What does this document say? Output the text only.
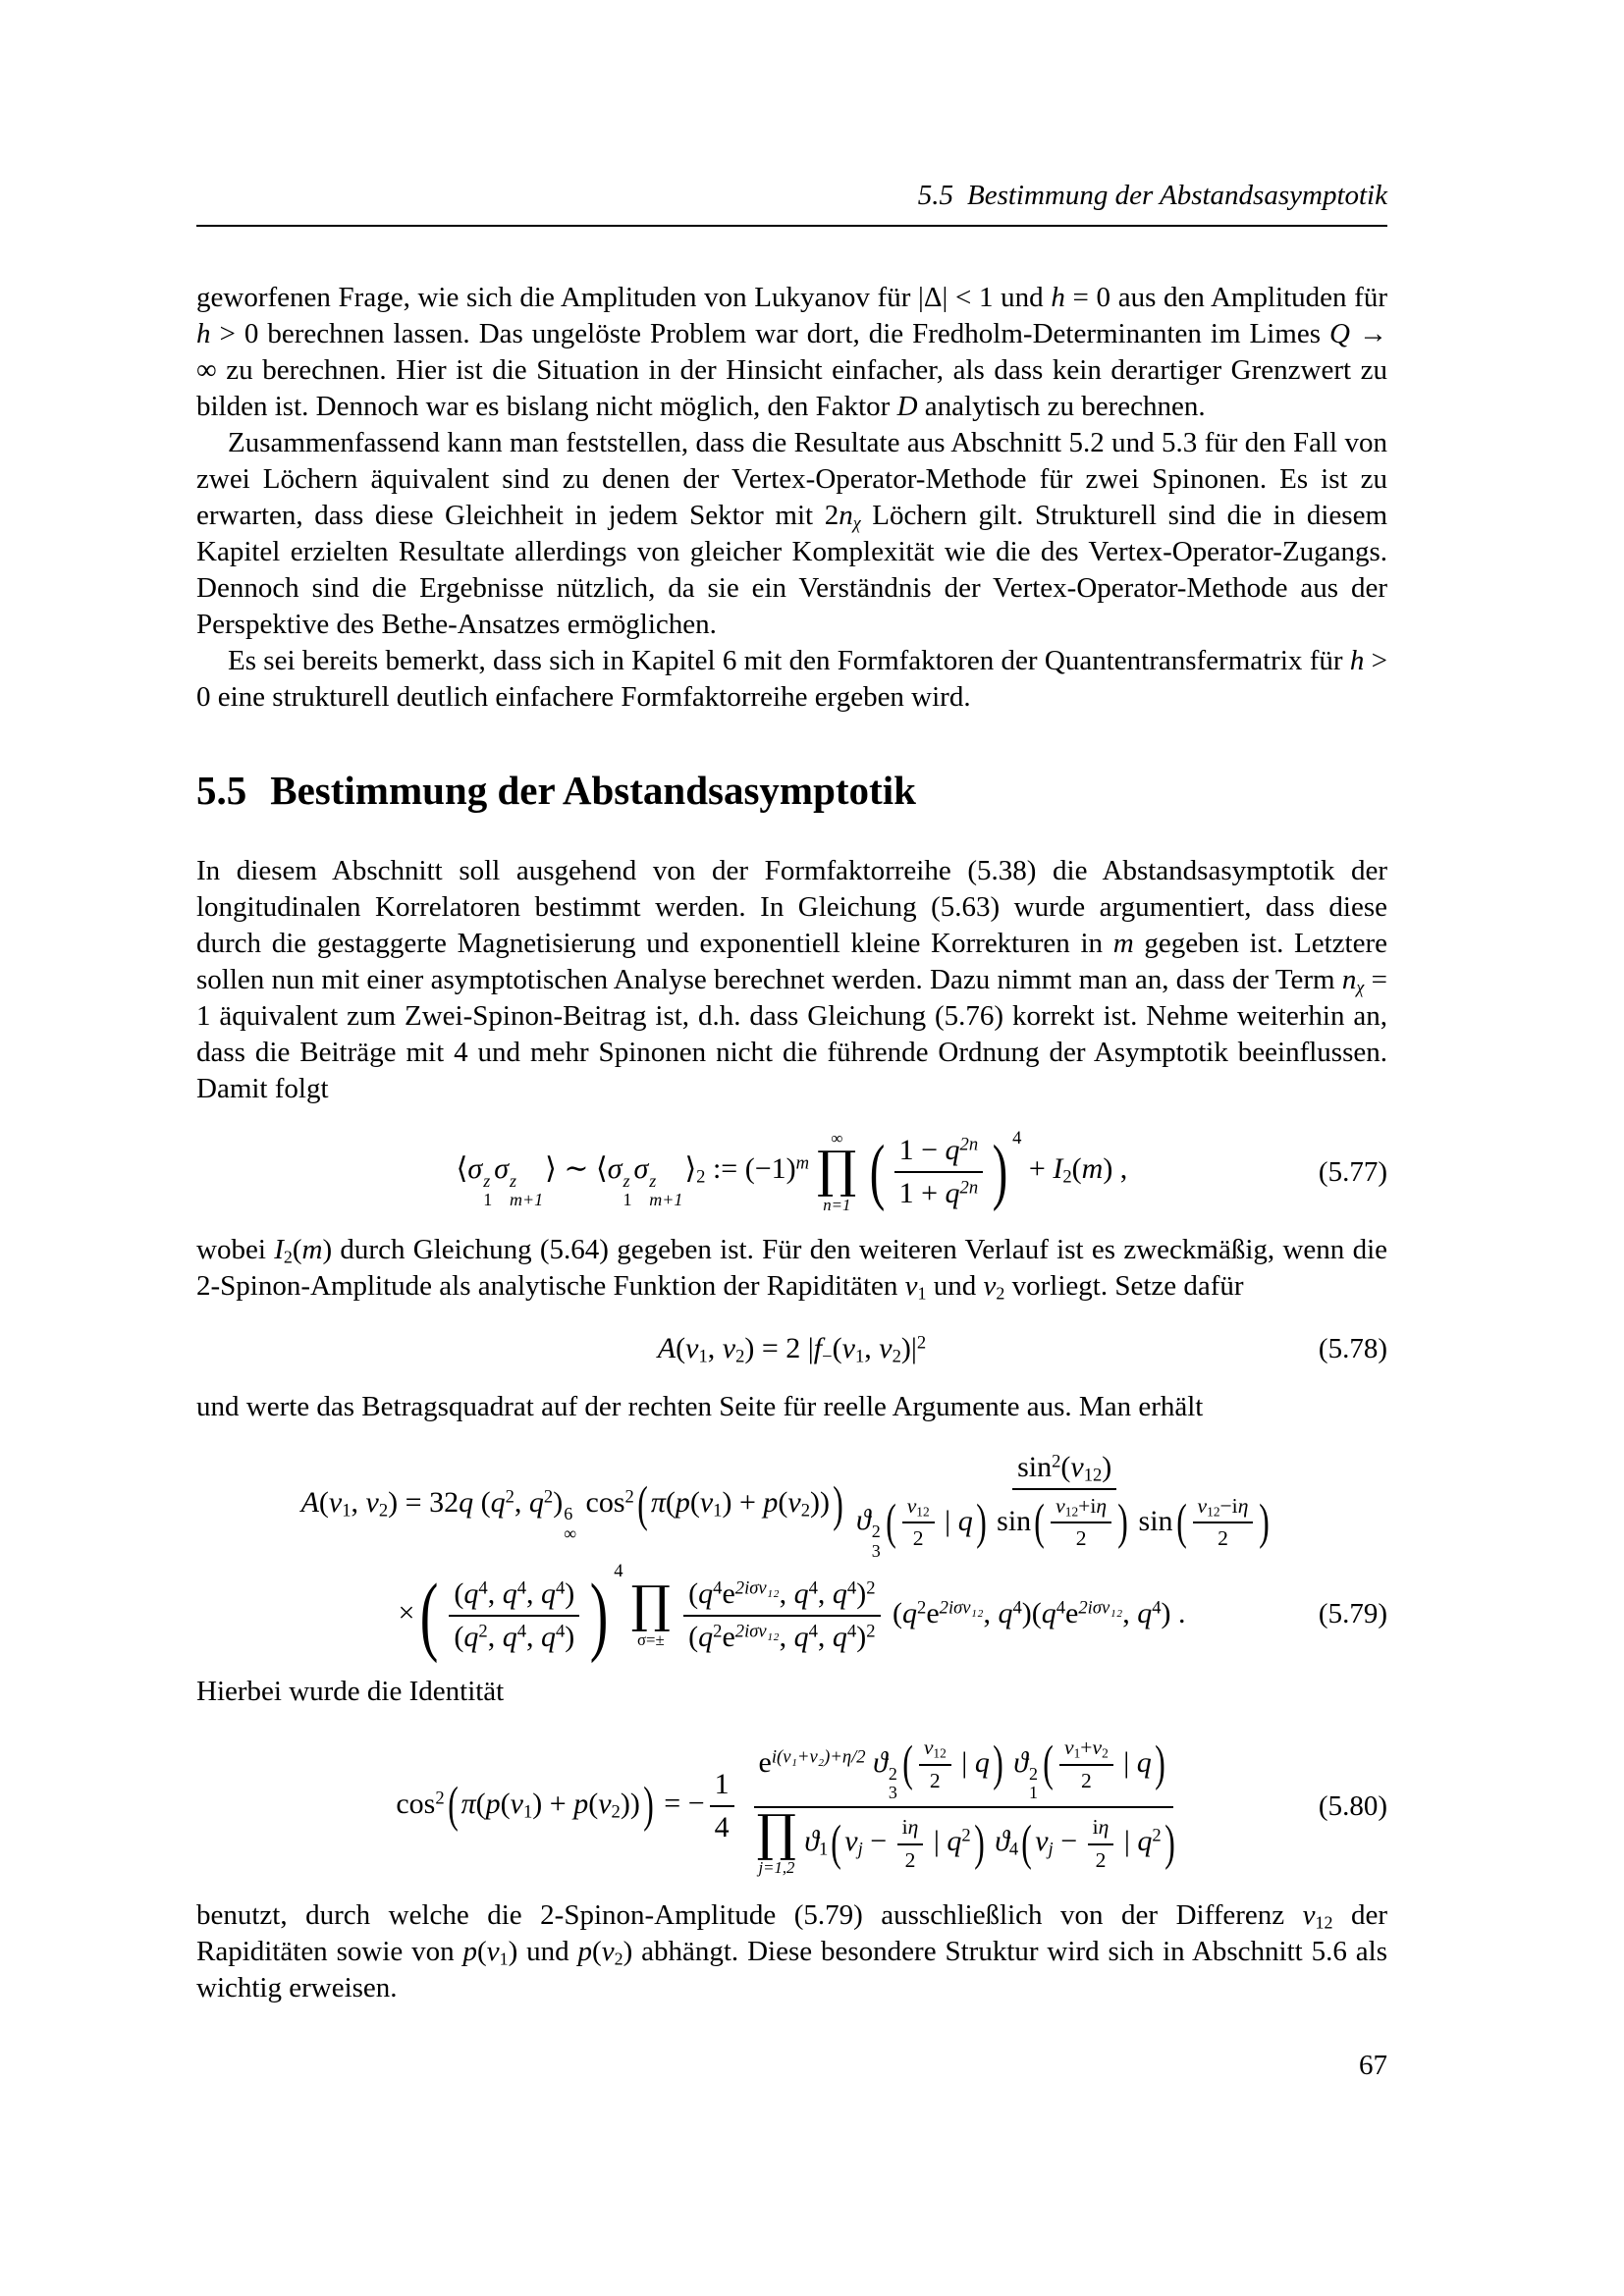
5.5 Bestimmung der Abstandsasymptotik

geworfenen Frage, wie sich die Amplituden von Lukyanov für |Δ| < 1 und h = 0 aus den Amplituden für h > 0 berechnen lassen. Das ungelöste Problem war dort, die Fredholm-Determinanten im Limes Q → ∞ zu berechnen. Hier ist die Situation in der Hinsicht einfacher, als dass kein derartiger Grenzwert zu bilden ist. Dennoch war es bislang nicht möglich, den Faktor D analytisch zu berechnen.

Zusammenfassend kann man feststellen, dass die Resultate aus Abschnitt 5.2 und 5.3 für den Fall von zwei Löchern äquivalent sind zu denen der Vertex-Operator-Methode für zwei Spinonen. Es ist zu erwarten, dass diese Gleichheit in jedem Sektor mit 2nχ Löchern gilt. Strukturell sind die in diesem Kapitel erzielten Resultate allerdings von gleicher Komplexität wie die des Vertex-Operator-Zugangs. Dennoch sind die Ergebnisse nützlich, da sie ein Verständnis der Vertex-Operator-Methode aus der Perspektive des Bethe-Ansatzes ermöglichen.

Es sei bereits bemerkt, dass sich in Kapitel 6 mit den Formfaktoren der Quantentransfermatrix für h > 0 eine strukturell deutlich einfachere Formfaktorreihe ergeben wird.

5.5 Bestimmung der Abstandsasymptotik

In diesem Abschnitt soll ausgehend von der Formfaktorreihe (5.38) die Abstandsasymptotik der longitudinalen Korrelatoren bestimmt werden. In Gleichung (5.63) wurde argumentiert, dass diese durch die gestaggerte Magnetisierung und exponentiell kleine Korrekturen in m gegeben ist. Letztere sollen nun mit einer asymptotischen Analyse berechnet werden. Dazu nimmt man an, dass der Term nχ = 1 äquivalent zum Zwei-Spinon-Beitrag ist, d.h. dass Gleichung (5.76) korrekt ist. Nehme weiterhin an, dass die Beiträge mit 4 und mehr Spinonen nicht die führende Ordnung der Asymptotik beeinflussen. Damit folgt

⟨σ z
1
σ z
m+1
⟩ ∼ ⟨σ z
1
σ z
m+1
⟩2 := $(-1)^m$
∞
∏
n=1 ( $\frac{1 - q^{2n}}{1 + q^{2n}}$ ) $^4$ + I2(m) ,	(5.77)

wobei I2(m) durch Gleichung (5.64) gegeben ist. Für den weiteren Verlauf ist es zweckmäßig, wenn die 2-Spinon-Amplitude als analytische Funktion der Rapiditäten ν1 und ν2 vorliegt. Setze dafür

A(ν1, ν2) = 2 |f−(ν1, $\nu 2)|^2$	(5.78)

und werte das Betragsquadrat auf der rechten Seite für reelle Argumente aus. Man erhält

A(ν1, ν2) = 32q ($q^2$, $q^2$) 6
∞
$\cos^2$( π(p(ν1) + p(ν2))) $\sin^2(\nu 12)$
ϑ 2
3
( $\frac{\nu 12}{2}$ | q) $\sin( \frac{\nu 12+i\eta}{2}$ ) $\sin( \frac{\nu 12-i\eta}{2}$ )
×( $\frac{(q^4, q^4, q^4)}{(q^2, q^4, q^4)}$ ) $^4$
∏
$\sigma=\pm \frac{(q^4e^{2i\sigma\nu_{12}}, q^4, q^4)^2}{(q^2e^{2i\sigma\nu_{12}}, q^4, q^4)^2} (q^2e^{2i\sigma\nu_{12}}$, $q^4)(q^4e^{2i\sigma\nu_{12}}$, $q^4$) .	(5.79)

Hierbei wurde die Identität

$\cos^2$( π(p(ν1) + p(ν2))) = − $\frac{1}{4} e^{i(\nu_1+\nu_2)+\eta/2}$ ϑ 2
3
( $\frac{\nu 12}{2}$ | q) ϑ 2
1
( $\frac{\nu 1+\nu 2}{2}$ | q)
∏
j=1,2
ϑ1( $\nu j - \frac{i\eta}{2}$ | $q^2$) ϑ4( $\nu j - \frac{i\eta}{2}$ | $q^2$)	(5.80)

benutzt, durch welche die 2-Spinon-Amplitude (5.79) ausschließlich von der Differenz ν12 der Rapiditäten sowie von p(ν1) und p(ν2) abhängt. Diese besondere Struktur wird sich in Abschnitt 5.6 als wichtig erweisen.

67
